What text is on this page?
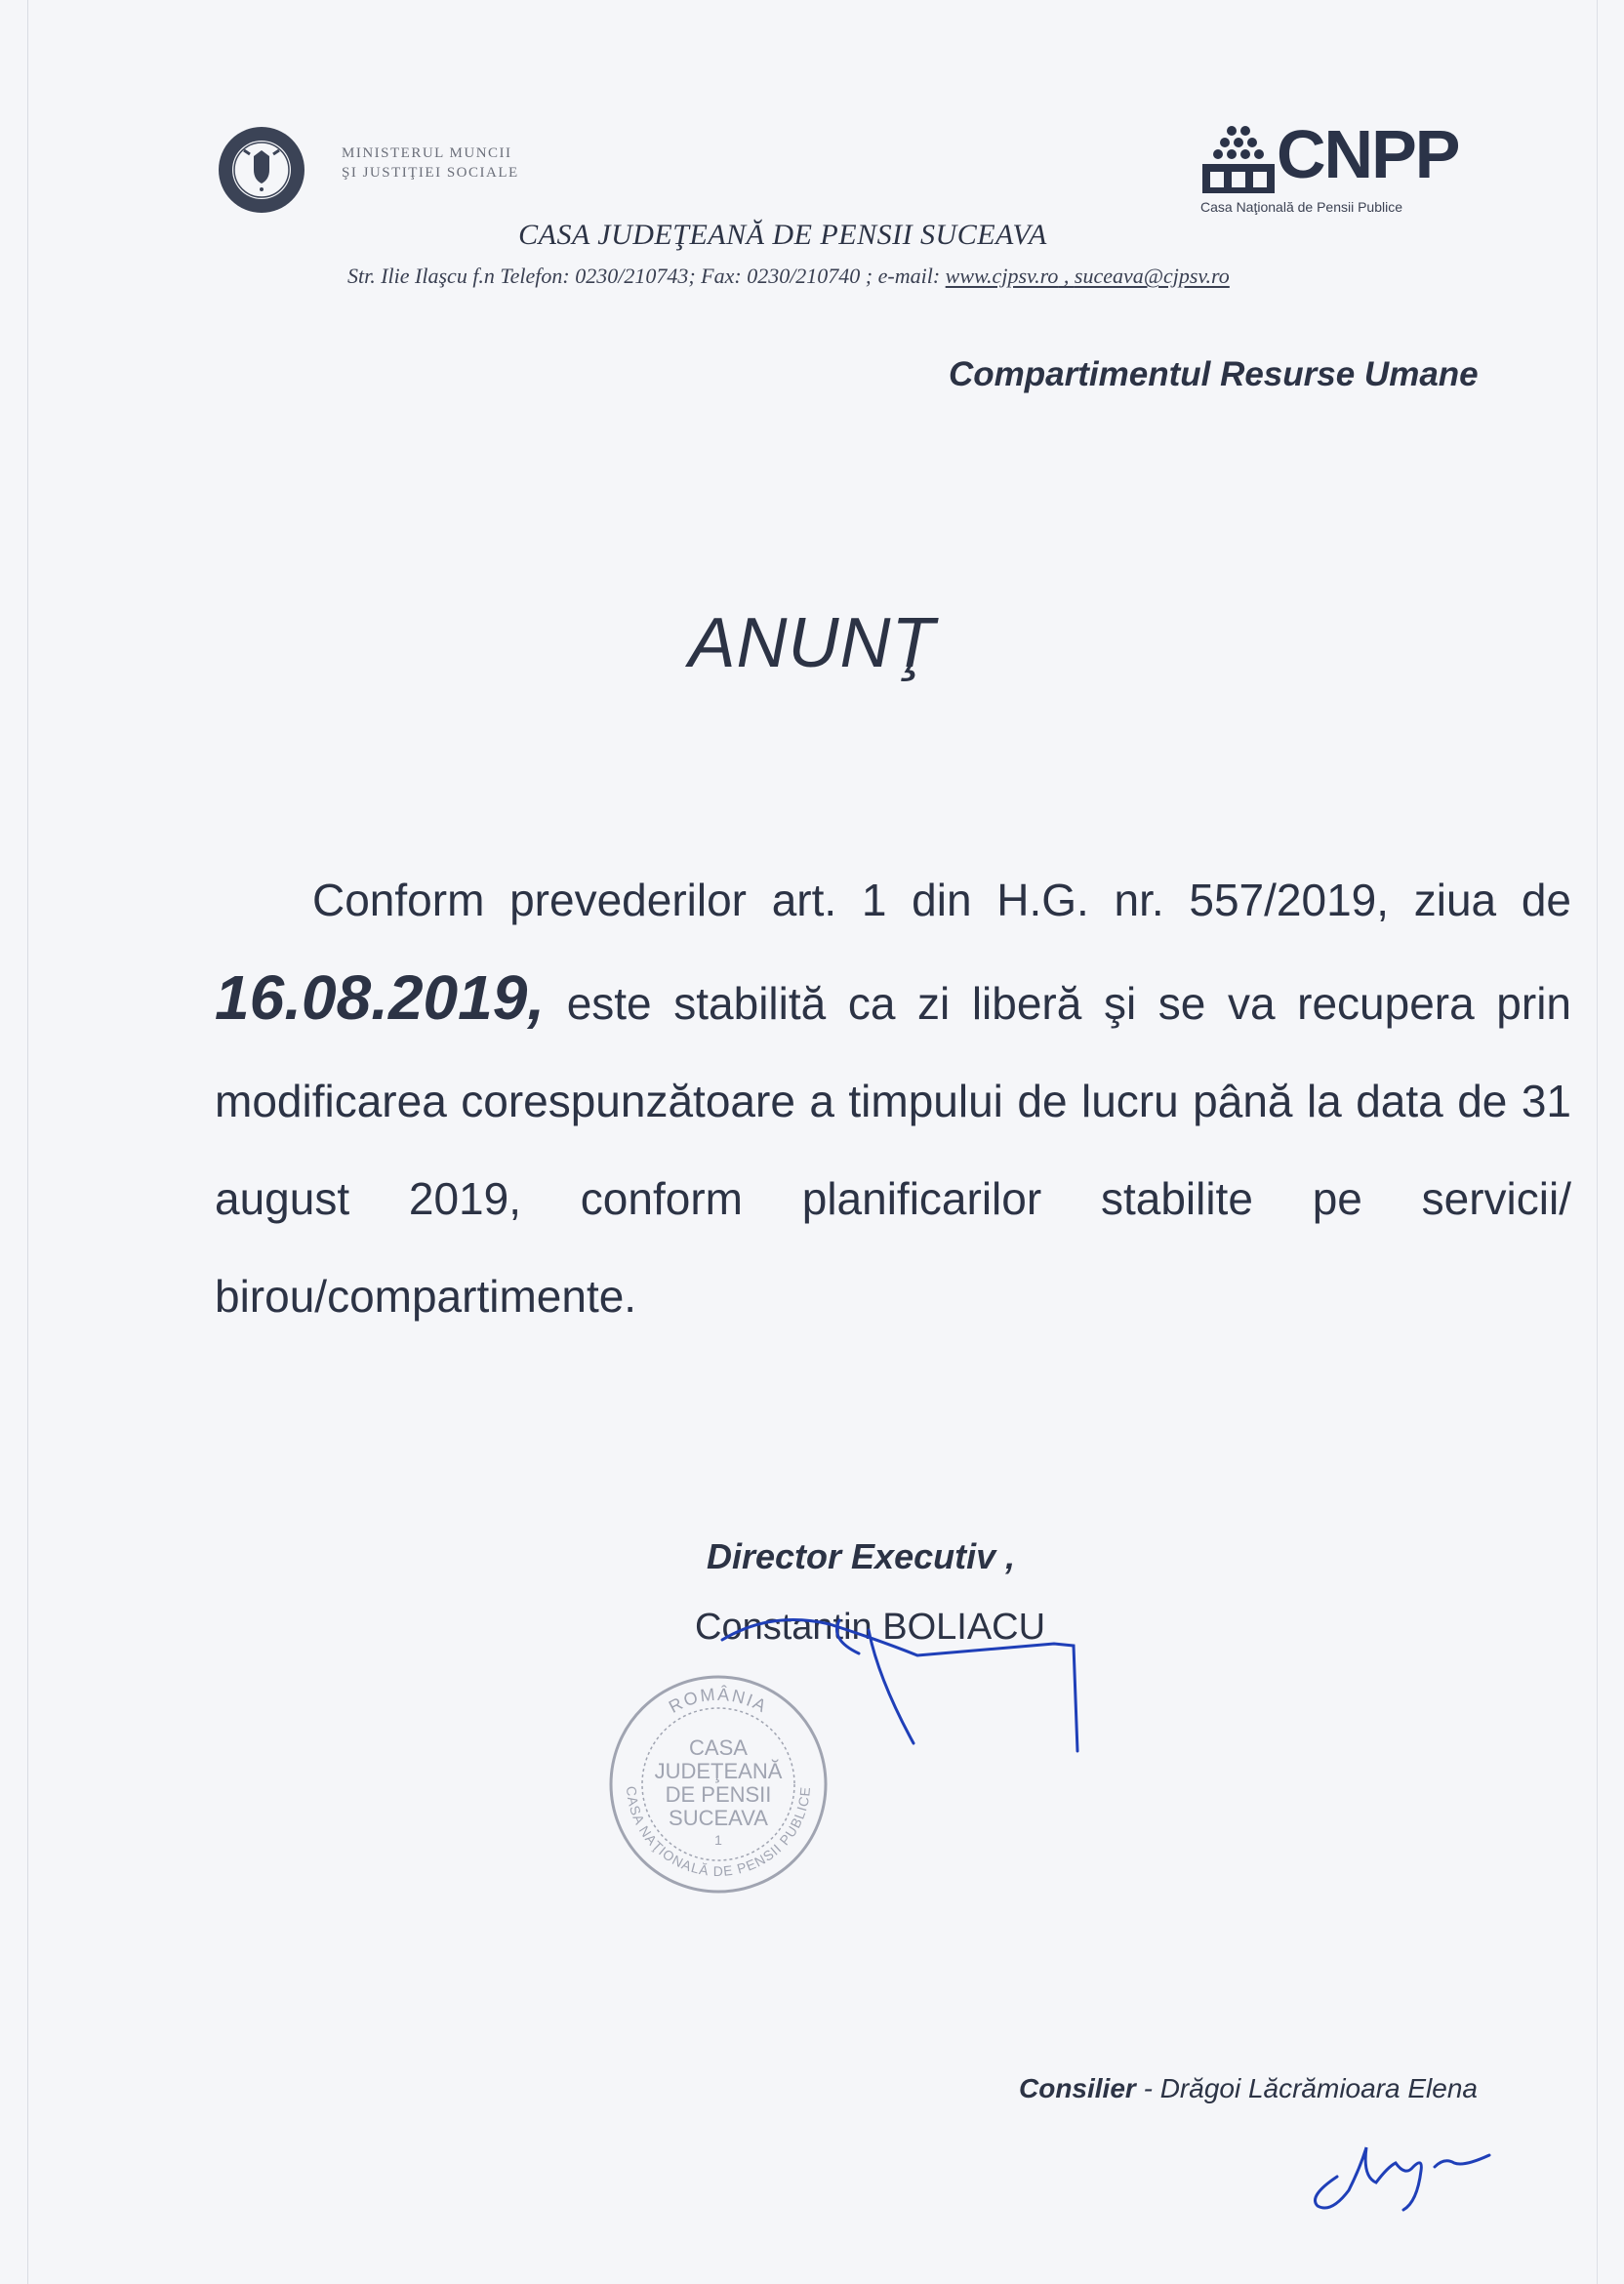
MINISTERUL MUNCII
ŞI JUSTIŢIEI SOCIALE	CNPP
Casa Naţională de Pensii Publice
CASA JUDEŢEANĂ DE PENSII SUCEAVA
Str. Ilie Ilaşcu f.n Telefon: 0230/210743; Fax: 0230/210740 ; e-mail: www.cjpsv.ro , suceava@cjpsv.ro
Compartimentul Resurse Umane
ANUNŢ
Conform prevederilor art. 1 din H.G. nr. 557/2019, ziua de 16.08.2019, este stabilită ca zi liberă şi se va recupera prin modificarea corespunzătoare a timpului de lucru până la data de 31 august 2019, conform planificarilor stabilite pe servicii/ birou/compartimente.
Director Executiv ,
Constantin BOLIACU
ROMÂNIA
CASA
JUDEŢEANĂ
DE PENSII
SUCEAVA
1
CASA NAŢIONALĂ DE PENSII PUBLICE
Consilier - Drăgoi Lăcrămioara Elena
